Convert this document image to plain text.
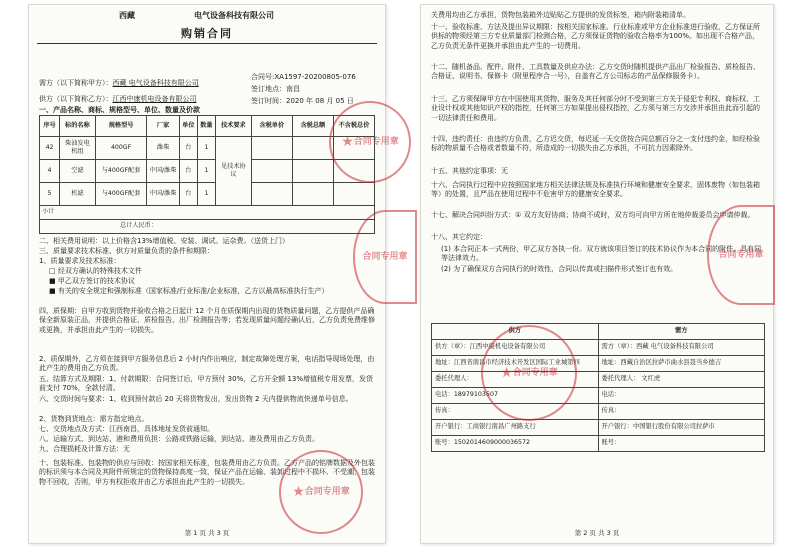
西藏	电气设备科技有限公司
购销合同
需方（以下简称甲方）：西藏 电气设备科技有限公司
供方（以下简称乙方）：江西中康机电设备有限公司
合同号:XA1597-20200805-076
签订地点：南昌
签订时间：2020 年 08 月 05 日
一、产品名称、商标、规格型号、单位、数量及价款
序号	标的名称	规格型号	厂家	单位	数量	技术要求	含税单价	含税总额	不含税总价
42	柴油发电机组	400GF	潍柴	台	1	见技术协议			
4	空滤	与400GF配套	中国/潍柴	台	1				
5	机滤	与400GF配套	中国/潍柴	台	1				
小计									
总计人民币：									
二、相关费用说明：以上价格含13%增值税、安装、调试、运杂费。（送货上门）
三、质量要求技术标准、供方对质量负责的条件和期限：
1、质量要求及技术标准：
□ 经双方确认的特殊技术文件
■ 甲乙双方签订的技术协议
■ 有关的安全规定和强制标准（国家标准/行业标准/企业标准，乙方以最高标准执行生产）
四、质保期：自甲方收到货物并验收合格之日起计 12 个月在质保期内出现的货物质量问题，乙方提供产品确保全新原装正品，并提供合格证、质检报告、出厂检测报告等；若发现质量问题经确认后，乙方负责免费维修或更换，并承担由此产生的一切损失。
2、质保期外，乙方须在接到甲方服务信息后 2 小时内作出响应，制定故障处理方案，电话指导现场处理，由此产生的费用由乙方负责。
五、结算方式及期限：1、付款期限：合同签订后，甲方预付 30%，乙方开全额 13%增值税专用发票，发货前支付 70%，全款付清。
六、交货时间与要求：1、收到预付款后 20 天将货物发出，发出货物 2 天内提供物流快递单号信息。
2、货物到货地点：需方指定地点。
七、交货地点及方式：江西南昌，具体地址发货前通知。
八、运输方式、到达站、港和费用负担：公路或铁路运输，到达站、港及费用由乙方负责。
九、合理损耗及计算方法：无
十、包装标准、包装物的供应与回收：按国家相关标准，包装费用由乙方负责。乙方产品的铭牌数据及外包装的标识须与本合同及其附件所规定的货物保持高度一致，保证产品在运输、装卸过程中不损坏、不受潮，包装物不回收，否则，甲方有权拒收并由乙方承担由此产生的一切损失。
第 1 页 共 3 页
★ 合同专用章
合同专用章
★ 合同专用章
关费用均由乙方承担，货物包装箱外边贴贴乙方提供的发货标签，箱内附装箱清单。
十一、验收标准、方法及提出异议期限：按相关国家标准、行业标准或甲方企业标准进行验收，乙方保证所供标的物须经第三方专业质量部门检测合格，乙方须保证货物的验收合格率为100%。如出现不合格产品，乙方负责无条件更换并承担由此产生的一切费用。
十二、随机备品、配件、附件、工具数量及供应办法：乙方交货时随机提供产品出厂检验报告、质检报告、合格证、说明书、保修卡（附里程序合一号），自盖有乙方公司标志的产品保修服务卡）。
十三、乙方须保障甲方在中国使用其货物、服务及其任何部分时不受到第三方关于侵犯专利权、商标权、工业设计权或其他知识产权的指控，任何第三方如果提出侵权指控，乙方须与第三方交涉并承担由此而引起的一切法律责任和费用。
十四、违约责任：由违约方负责，乙方迟交货，每迟延一天交货按合同总额百分之一支付违约金，如经检验标的物质量不合格或者数量不符，所造成的一切损失由乙方承担，不可抗力因素除外。
十五、其他约定事项：无
十六、合同执行过程中应按照国家地方相关法律法规及标准执行环境和健康安全要求，固体废物（如包装箱等）的处置，且严品在使用过程中不危害甲方的健康安全要求。
十七、解决合同纠纷方式：① 双方友好协商；协商不成时，双方均可向甲方所在地仲裁委员会申请仲裁。
十八、其它约定：
(1) 本合同正本一式两份，甲乙双方各执一份。双方就该项目签订的技术协议作为本合同的附件，具有同等法律效力。
(2) 为了确保双方合同执行的时效性，合同以传真或扫描件形式签订也有效。
供方	需方
供方（章）：江西中康机电设备有限公司	需方（章）：西藏 电气设备科技有限公司
地址：江西省南昌市经济技术开发区国际工业城第四	地址：西藏自治区拉萨市曲水县聂当乡德吉
委托代理人：	委托代理人： 文红虎
电话：18979103507	电话：
传真：	传真：
开户银行：工商银行南昌广州路支行	开户银行：中国银行股份有限公司拉萨市
账号：1502014609000036572	账号：
第 2 页 共 3 页
★ 合同专用章
合同专用章
